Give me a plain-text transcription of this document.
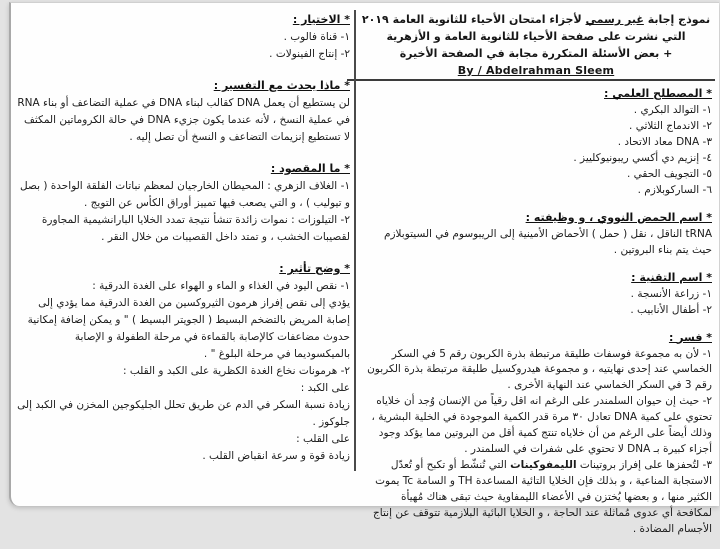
نموذج إجابة غير رسمي لأجزاء امتحان الأحياء للثانوية العامة ٢٠١٩
التي نشرت على صفحة الأحياء للثانوية العامة و الأزهرية
+ بعض الأسئلة المتكررة مجابة في الصفحة الأخيرة
By / Abdelrahman Sleem
* المصطلح العلمي :

١- التوالد البكري .

٢- الاندماج الثلاثي .

٣- DNA معاد الاتحاد .

٤- إنزيم دي أكسي ريبونيوكلييز .

٥- التجويف الحقي .

٦- الساركوبلازم .

* اسم الحمض النووي ، و وظيفته :

tRNA الناقل ، نقل ( حمل ) الأحماض الأمينية إلى الريبوسوم في السيتوبلازم حيث يتم بناء البروتين .

* اسم التقنية :

١- زراعة الأنسجة .

٢- أطفال الأنابيب .

* فسر :

١- لأن به مجموعة فوسفات طليقة مرتبطة بذرة الكربون رقم 5 في السكر الخماسي عند إحدى نهايتيه ، و مجموعة هيدروكسيل طليقة مرتبطة بذرة الكربون رقم 3 في السكر الخماسي عند النهاية الأخرى .

٢- حيث إن حيوان السلمندر على الرغم انه اقل رقياً من الإنسان وُجد أن خلاياه تحتوي على كمية DNA تعادل ٣٠ مرة قدر الكمية الموجودة في الخلية البشرية ، وذلك أيضاً على الرغم من أن خلاياه تنتج كمية أقل من البروتين مما يؤكد وجود أجزاء كبيرة بـ DNA لا تحتوي على شفرات في السلمندر .

٣- لتُحفزها على إفراز بروتينات الليمفوكينات التي تُنشّط أو تكبح أو تُعدّل الاستجابة المناعية ، و بذلك فإن الخلايا التائية المساعدة TH و السامة Tc يموت الكثير منها ، و بعضها يُختزن في الأعضاء الليمفاوية حيث تبقى هناك مُهيأة لمكافحة أي عدوى مُماثلة عند الحاجة ، و الخلايا البائية البلازمية تتوقف عن إنتاج الأجسام المضادة .

* الاختيار :

١- قناة فالوب .

٢- إنتاج الفينولات .

* ماذا يحدث مع التفسير :

لن يستطيع أن يعمل DNA كقالب لبناء DNA في عملية التضاعف أو بناء RNA في عملية النسخ ، لأنه عندما يكون جزيء DNA في حالة الكروماتين المكثف لا تستطيع إنزيمات التضاعف و النسخ أن تصل إليه .

* ما المقصود :

١- الغلاف الزهري : المحيطان الخارجيان لمعظم نباتات الفلقة الواحدة ( بصل و تيوليب ) ، و التي يصعب فيها تمييز أوراق الكأس عن التويج .

٢- التيلوزات : نموات زائدة تنشأ نتيجة تمدد الخلايا البارانشيمية المجاورة لقصيبات الخشب ، و تمتد داخل القصيبات من خلال النقر .

* وضح تأثير :

١- نقص اليود في الغذاء و الماء و الهواء على الغدة الدرقية :

يؤدي إلى نقص إفراز هرمون الثيروكسين من الغدة الدرقية مما يؤدي إلى إصابة المريض بالتضخم البسيط ( الجويتر البسيط ) " و يمكن إضافة إمكانية حدوث مضاعفات كالإصابة بالقماءة في مرحلة الطفولة و الإصابة بالميكسوديما في مرحلة البلوغ " .

٢- هرمونات نخاع الغدة الكظرية على الكبد و القلب :

على الكبد :

زيادة نسبة السكر في الدم عن طريق تحلل الجليكوجين المخزن في الكبد إلى جلوكوز .

على القلب :

زيادة قوة و سرعة انقباض القلب .
